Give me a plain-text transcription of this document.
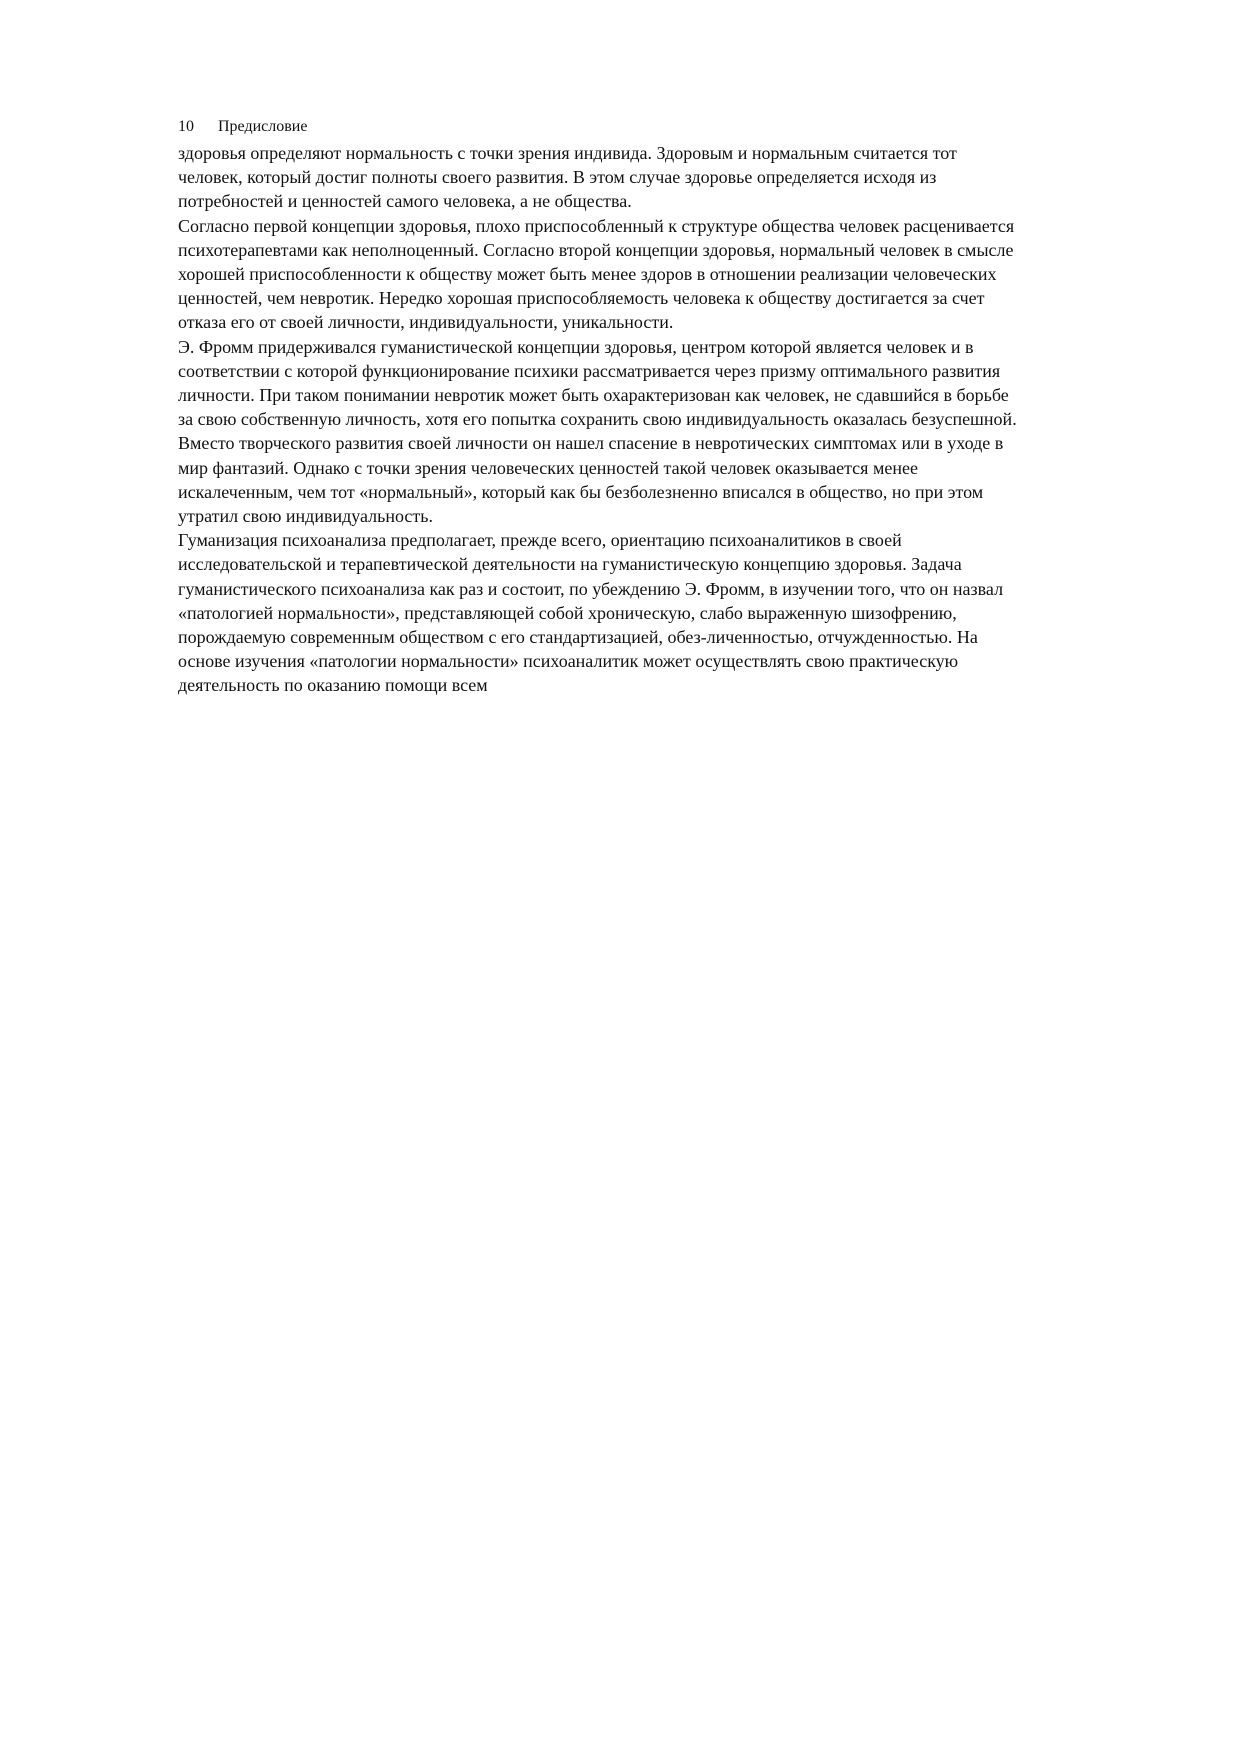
10 Предисловие
здоровья определяют нормальность с точки зрения индивида. Здоровым и нормальным считается тот
человек, который достиг полноты своего развития. В этом случае здоровье определяется исходя из
потребностей и ценностей самого человека, а не общества.
Согласно первой концепции здоровья, плохо приспособленный к структуре общества человек расценивается
психотерапевтами как неполноценный. Согласно второй концепции здоровья, нормальный человек в смысле
хорошей приспособленности к обществу может быть менее здоров в отношении реализации человеческих
ценностей, чем невротик. Нередко хорошая приспособляемость человека к обществу достигается за счет
отказа его от своей личности, индивидуальности, уникальности.
Э. Фромм придерживался гуманистической концепции здоровья, центром которой является человек и в
соответствии с которой функционирование психики рассматривается через призму оптимального развития
личности. При таком понимании невротик может быть охарактеризован как человек, не сдавшийся в борьбе
за свою собственную личность, хотя его попытка сохранить свою индивидуальность оказалась безуспешной.
Вместо творческого развития своей личности он нашел спасение в невротических симптомах или в уходе в
мир фантазий. Однако с точки зрения человеческих ценностей такой человек оказывается менее
искалеченным, чем тот «нормальный», который как бы безболезненно вписался в общество, но при этом
утратил свою индивидуальность.
Гуманизация психоанализа предполагает, прежде всего, ориентацию психоаналитиков в своей
исследовательской и терапевтической деятельности на гуманистическую концепцию здоровья. Задача
гуманистического психоанализа как раз и состоит, по убеждению Э. Фромм, в изучении того, что он назвал
«патологией нормальности», представляющей собой хроническую, слабо выраженную шизофрению,
порождаемую современным обществом с его стандартизацией, обез-личенностью, отчужденностью. На
основе изучения «патологии нормальности» психоаналитик может осуществлять свою практическую
деятельность по оказанию помощи всем
